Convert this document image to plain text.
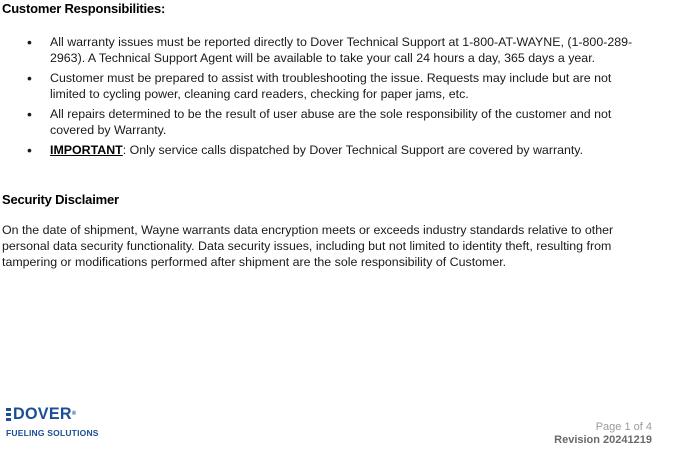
Customer Responsibilities:
• All warranty issues must be reported directly to Dover Technical Support at 1-800-AT-WAYNE, (1-800-289-2963). A Technical Support Agent will be available to take your call 24 hours a day, 365 days a year.
• Customer must be prepared to assist with troubleshooting the issue. Requests may include but are not limited to cycling power, cleaning card readers, checking for paper jams, etc.
• All repairs determined to be the result of user abuse are the sole responsibility of the customer and not covered by Warranty.
• IMPORTANT: Only service calls dispatched by Dover Technical Support are covered by warranty.
Security Disclaimer

On the date of shipment, Wayne warrants data encryption meets or exceeds industry standards relative to other personal data security functionality. Data security issues, including but not limited to identity theft, resulting from tampering or modifications performed after shipment are the sole responsibility of Customer.

DOVER®
FUELING SOLUTIONS	Page 1 of 4
Revision 20241219
